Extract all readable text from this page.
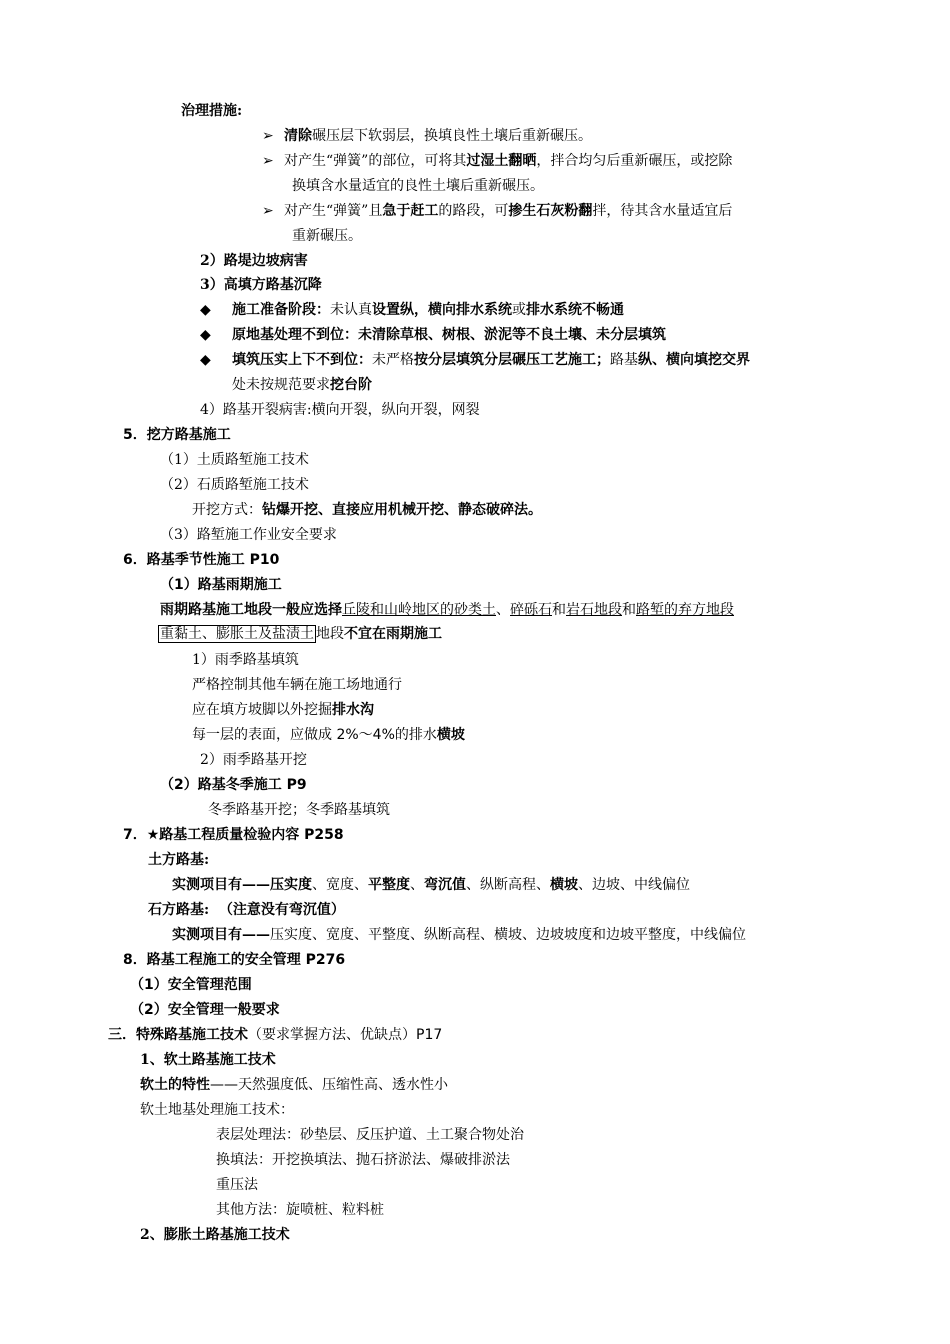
治理措施:
➢ 清除碾压层下软弱层，换填良性土壤后重新碾压。
➢ 对产生“弹簧”的部位，可将其过湿土翻晒，拌合均匀后重新碾压，或挖除
换填含水量适宜的良性土壤后重新碾压。
➢ 对产生“弹簧”且急于赶工的路段，可掺生石灰粉翻拌，待其含水量适宜后
重新碾压。
2）路堤边坡病害
3）高填方路基沉降
◆ 施工准备阶段：未认真设置纵，横向排水系统或排水系统不畅通
◆ 原地基处理不到位：未清除草根、树根、淤泥等不良土壤、未分层填筑
◆ 填筑压实上下不到位：未严格按分层填筑分层碾压工艺施工；路基纵、横向填挖交界
处未按规范要求挖台阶
4）路基开裂病害:横向开裂，纵向开裂，网裂
5．挖方路基施工
（1）土质路堑施工技术
（2）石质路堑施工技术
开挖方式：钻爆开挖、直接应用机械开挖、静态破碎法。
（3）路堑施工作业安全要求
6．路基季节性施工 P10
（1）路基雨期施工
雨期路基施工地段一般应选择丘陵和山岭地区的砂类土、碎砾石和岩石地段和路堑的弃方地段
重黏土、膨胀土及盐渍土 地段不宜在雨期施工
1）雨季路基填筑
严格控制其他车辆在施工场地通行
应在填方坡脚以外挖掘排水沟
每一层的表面，应做成 2%～4%的排水横坡
2）雨季路基开挖
（2）路基冬季施工 P9
冬季路基开挖；冬季路基填筑
7．★路基工程质量检验内容 P258
土方路基:
实测项目有——压实度、宽度、平整度、弯沉值、纵断高程、横坡、边坡、中线偏位
石方路基: （注意没有弯沉值）
实测项目有——压实度、宽度、平整度、纵断高程、横坡、边坡坡度和边坡平整度，中线偏位
8．路基工程施工的安全管理 P276
（1）安全管理范围
（2）安全管理一般要求
三．特殊路基施工技术（要求掌握方法、优缺点）P17
1、软土路基施工技术
软土的特性——天然强度低、压缩性高、透水性小
软土地基处理施工技术：
表层处理法：砂垫层、反压护道、土工聚合物处治
换填法：开挖换填法、抛石挤淤法、爆破排淤法
重压法
其他方法：旋喷桩、粒料桩
2、膨胀土路基施工技术
